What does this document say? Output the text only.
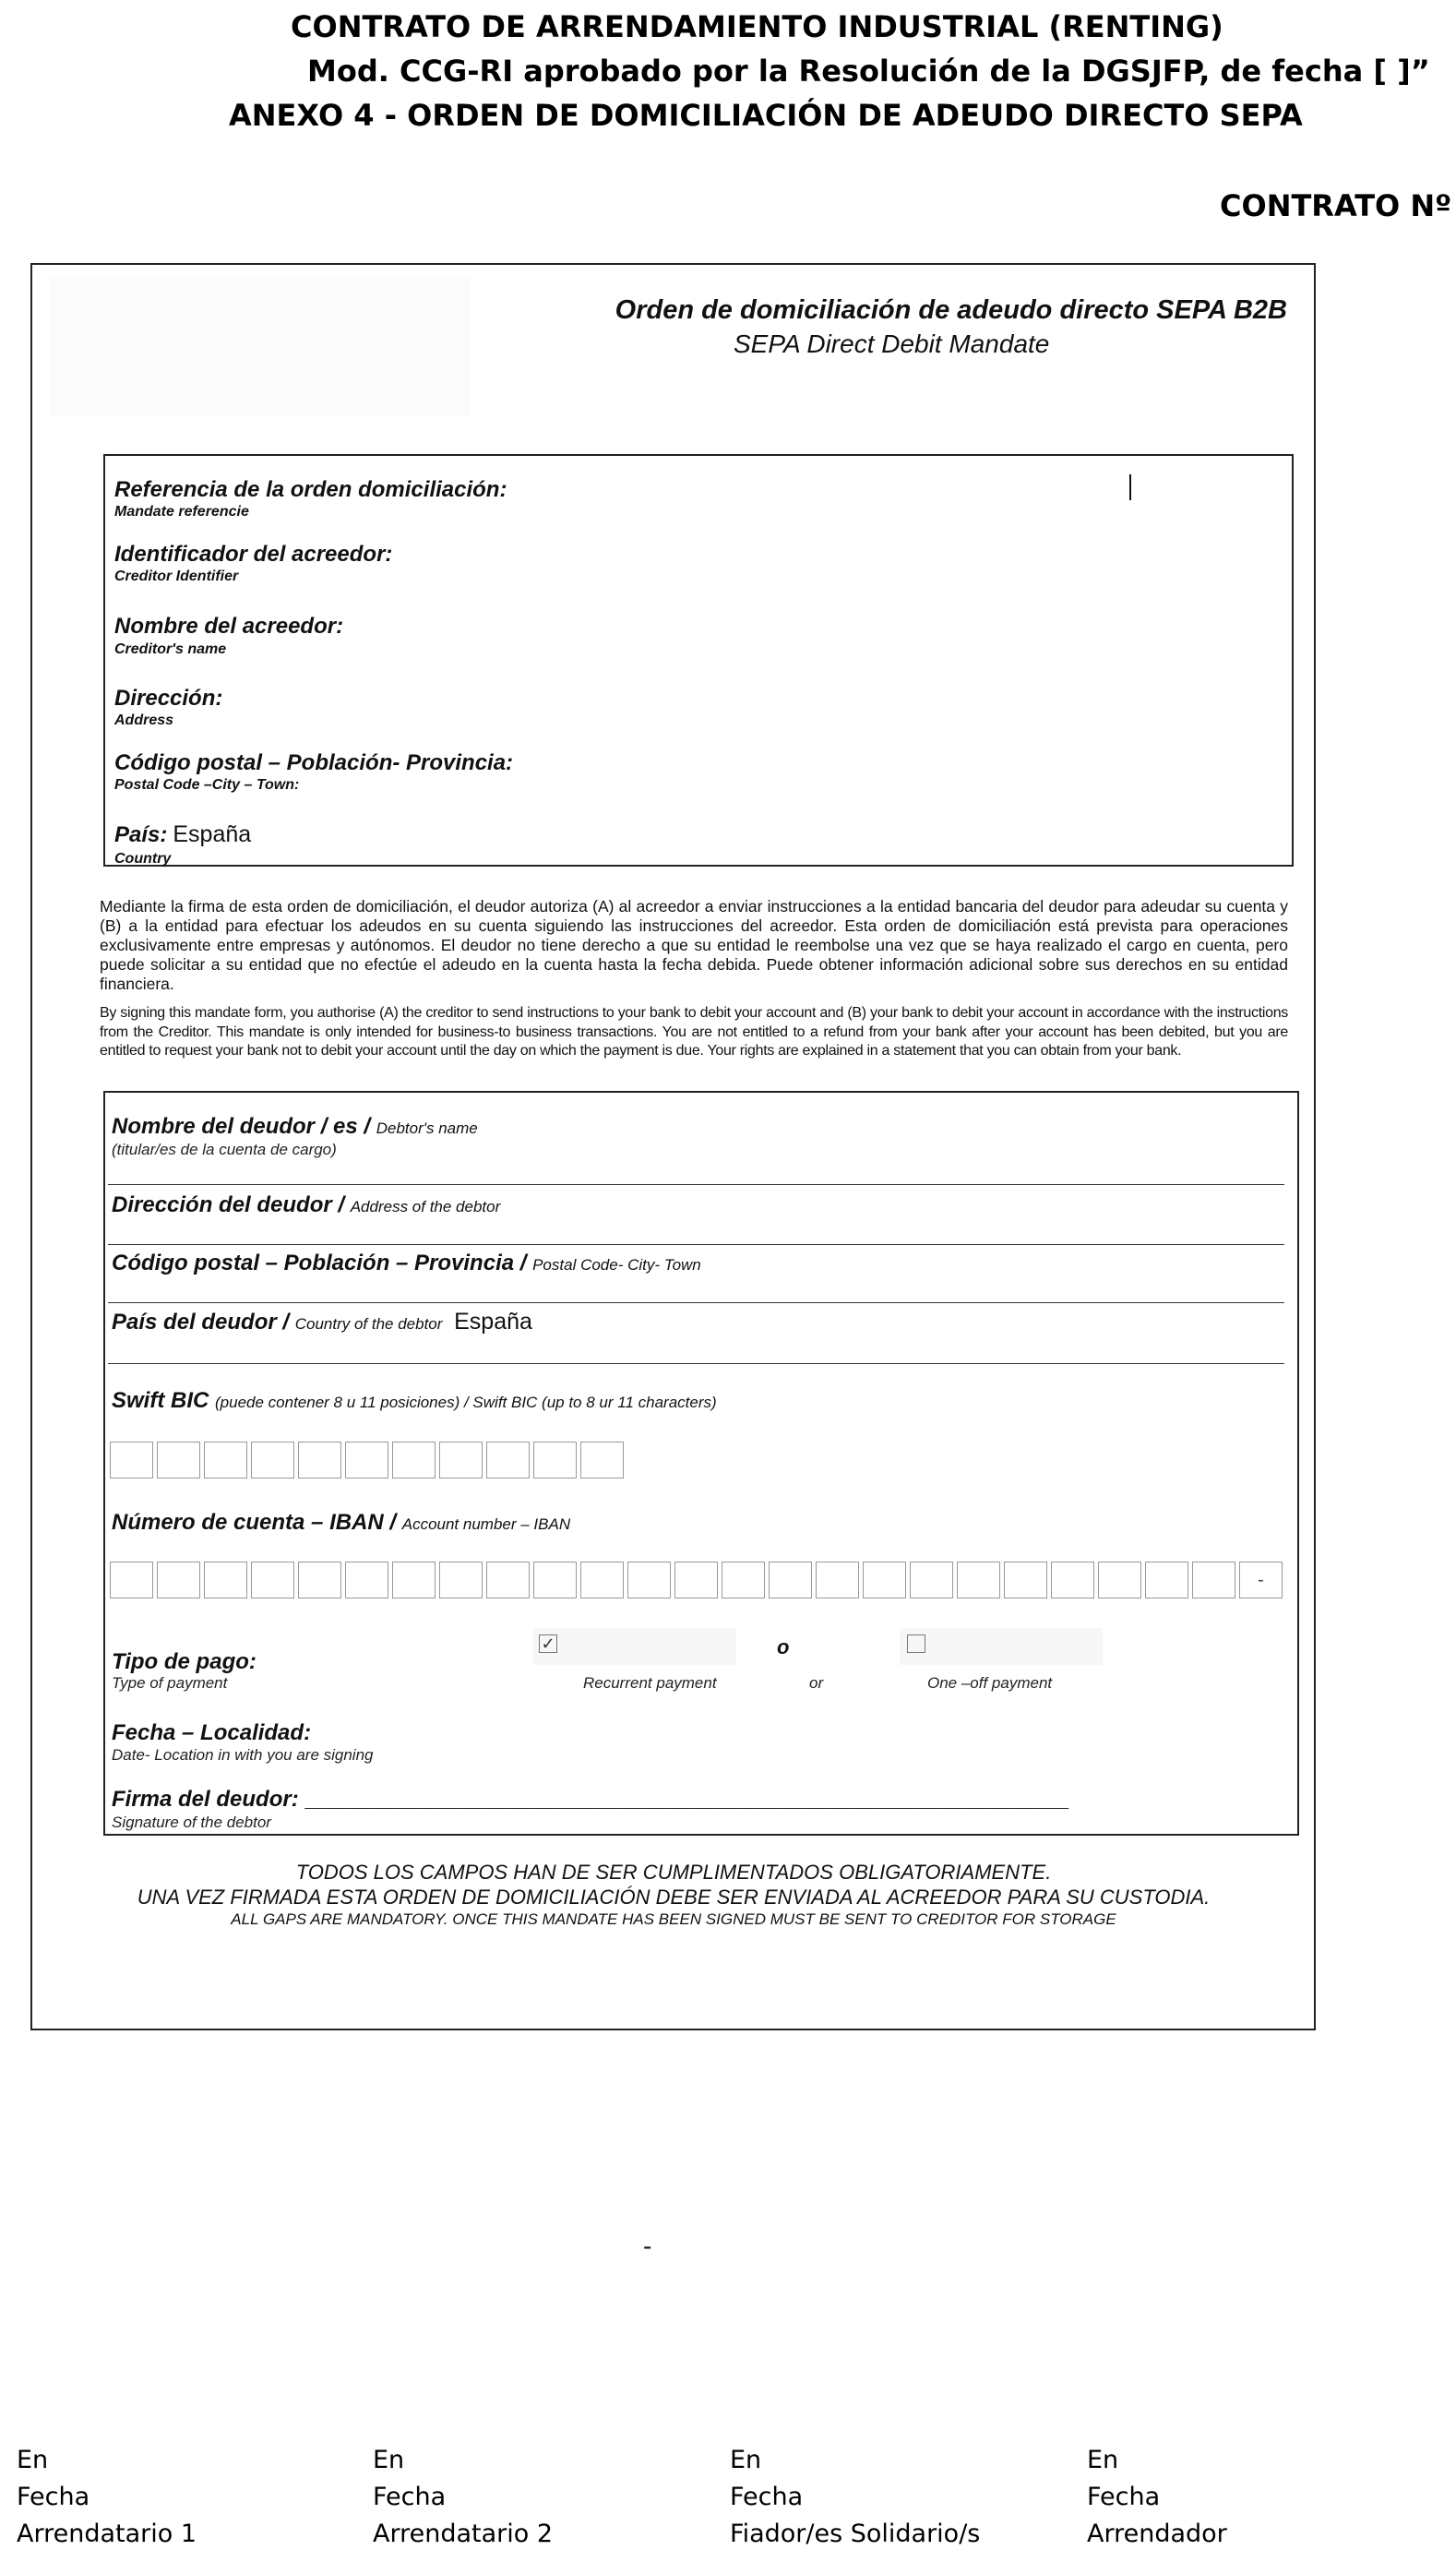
CONTRATO DE ARRENDAMIENTO INDUSTRIAL (RENTING)
Mod. CCG-RI aprobado por la Resolución de la DGSJFP, de fecha [ ]”
ANEXO 4 - ORDEN DE DOMICILIACIÓN DE ADEUDO DIRECTO SEPA
CONTRATO Nº
Orden de domiciliación de adeudo directo SEPA B2B
SEPA Direct Debit Mandate
Referencia de la orden domiciliación:
Mandate referencie
Identificador del acreedor:
Creditor Identifier
Nombre del acreedor:
Creditor's name
Dirección:
Address
Código postal – Población- Provincia:
Postal Code –City – Town:
País: España
Country
Mediante la firma de esta orden de domiciliación, el deudor autoriza (A) al acreedor a enviar instrucciones a la entidad bancaria del deudor para adeudar su cuenta y (B) a la entidad para efectuar los adeudos en su cuenta siguiendo las instrucciones del acreedor. Esta orden de domiciliación está prevista para operaciones exclusivamente entre empresas y autónomos. El deudor no tiene derecho a que su entidad le reembolse una vez que se haya realizado el cargo en cuenta, pero puede solicitar a su entidad que no efectúe el adeudo en la cuenta hasta la fecha debida. Puede obtener información adicional sobre sus derechos en su entidad financiera.
By signing this mandate form, you authorise (A) the creditor to send instructions to your bank to debit your account and (B) your bank to debit your account in accordance with the instructions from the Creditor. This mandate is only intended for business-to business transactions. You are not entitled to a refund from your bank after your account has been debited, but you are entitled to request your bank not to debit your account until the day on which the payment is due. Your rights are explained in a statement that you can obtain from your bank.
Nombre del deudor / es / Debtor's name
(titular/es de la cuenta de cargo)
Dirección del deudor / Address of the debtor
Código postal – Población – Provincia / Postal Code- City- Town
País del deudor / Country of the debtor España
Swift BIC (puede contener 8 u 11 posiciones) / Swift BIC (up to 8 ur 11 characters)
Número de cuenta – IBAN / Account number – IBAN
-
Tipo de pago:
Type of payment
✓
Recurrent payment
o
or	One –off payment
Fecha – Localidad:
Date- Location in with you are signing
Firma del deudor: ______________________________________________________________
Signature of the debtor
TODOS LOS CAMPOS HAN DE SER CUMPLIMENTADOS OBLIGATORIAMENTE.
UNA VEZ FIRMADA ESTA ORDEN DE DOMICILIACIÓN DEBE SER ENVIADA AL ACREEDOR PARA SU CUSTODIA.
ALL GAPS ARE MANDATORY. ONCE THIS MANDATE HAS BEEN SIGNED MUST BE SENT TO CREDITOR FOR STORAGE
-
En
Fecha
Arrendatario 1
En
Fecha
Arrendatario 2
En
Fecha
Fiador/es Solidario/s
En
Fecha
Arrendador
